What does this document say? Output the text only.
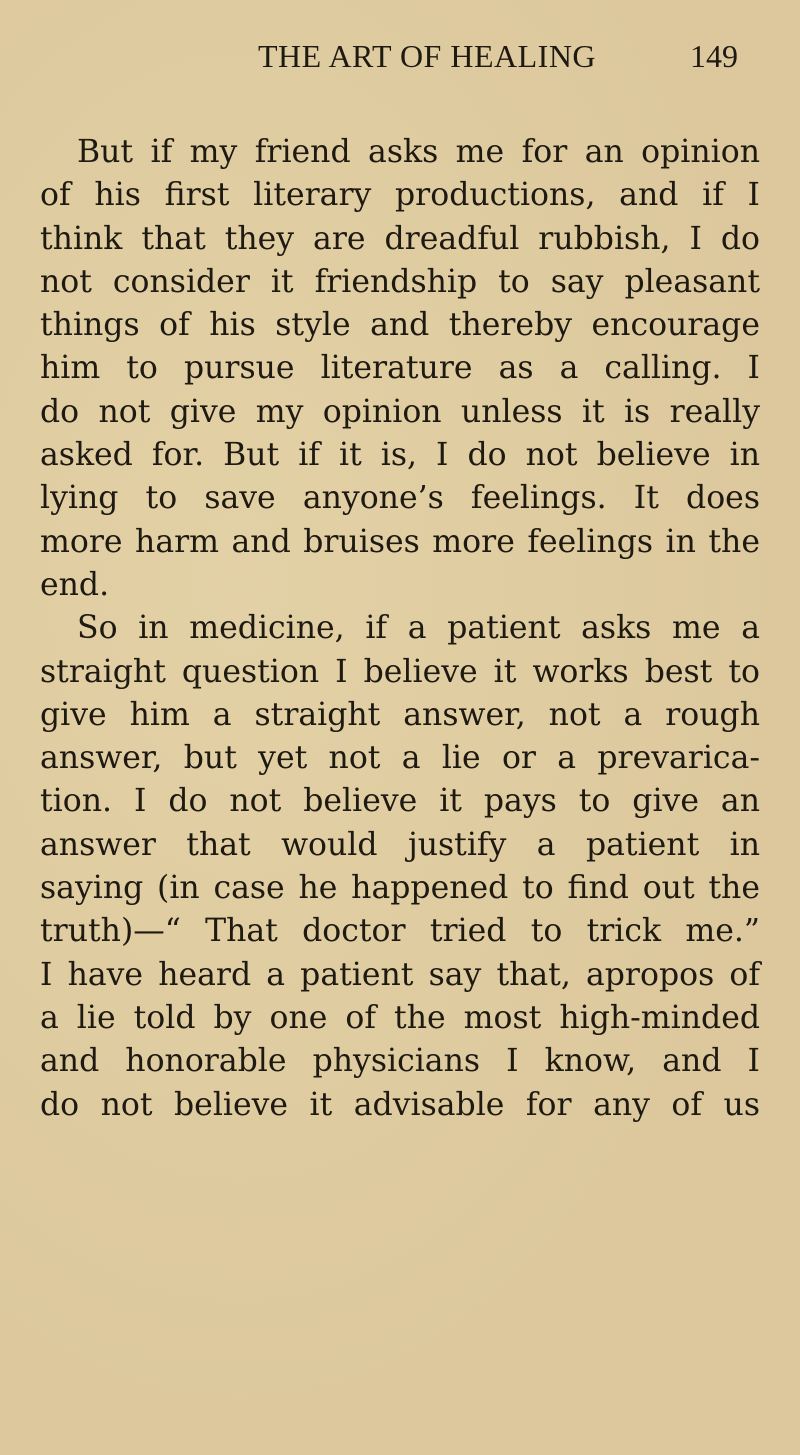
THE ART OF HEALING	149
But if my friend asks me for an opinion
of his first literary productions, and if I
think that they are dreadful rubbish, I do
not consider it friendship to say pleasant
things of his style and thereby encourage
him to pursue literature as a calling. I
do not give my opinion unless it is really
asked for. But if it is, I do not believe in
lying to save anyone’s feelings. It does
more harm and bruises more feelings in the
end.
So in medicine, if a patient asks me a
straight question I believe it works best to
give him a straight answer, not a rough
answer, but yet not a lie or a prevarica-
tion. I do not believe it pays to give an
answer that would justify a patient in
saying (in case he happened to find out the
truth)—“ That doctor tried to trick me.”
I have heard a patient say that, apropos of
a lie told by one of the most high-minded
and honorable physicians I know, and I
do not believe it advisable for any of us
